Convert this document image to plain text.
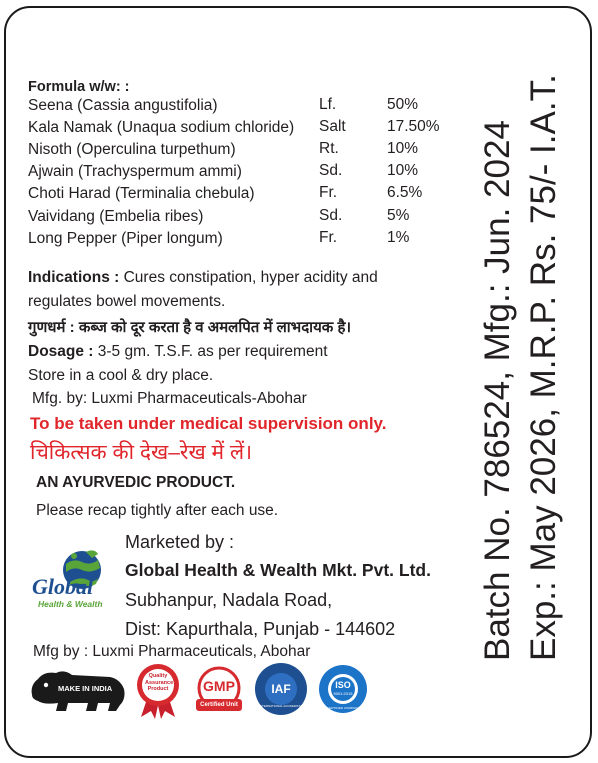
Formula w/w: :
Seena (Cassia angustifolia)	Lf.	50%
Kala Namak (Unaqua sodium chloride) Salt	17.50%
Nisoth (Operculina turpethum)	Rt.	10%
Ajwain (Trachyspermum ammi)	Sd.	10%
Choti Harad (Terminalia chebula)	Fr.	6.5%
Vaividang (Embelia ribes)	Sd.	5%
Long Pepper (Piper longum)	Fr.	1%
Indications : Cures constipation, hyper acidity and
regulates bowel movements.
गुणधर्म : कब्ज को दूर करता है व अमलपित में लाभदायक है।
Dosage : 3-5 gm. T.S.F. as per requirement
Store in a cool & dry place.
Mfg. by: Luxmi Pharmaceuticals-Abohar
To be taken under medical supervision only.
चिकित्सक की देख–रेख में लें।
AN AYURVEDIC PRODUCT.
Please recap tightly after each use.
Marketed by :
Global Health & Wealth Mkt. Pvt. Ltd.
Subhanpur, Nadala Road,
Dist: Kapurthala, Punjab - 144602
Global
Health & Wealth
Mfg by : Luxmi Pharmaceuticals, Abohar
MAKE IN INDIA
Quality
Assurance
Product GMP
Certified Unit
IAF
INTERNATIONAL ACCREDITATION FORUM
ISO
9001:2015
CERTIFIED COMPANY
Batch No. 786524, Mfg.: Jun. 2024 Exp.: May 2026, M.R.P. Rs. 75/- I.A.T.
